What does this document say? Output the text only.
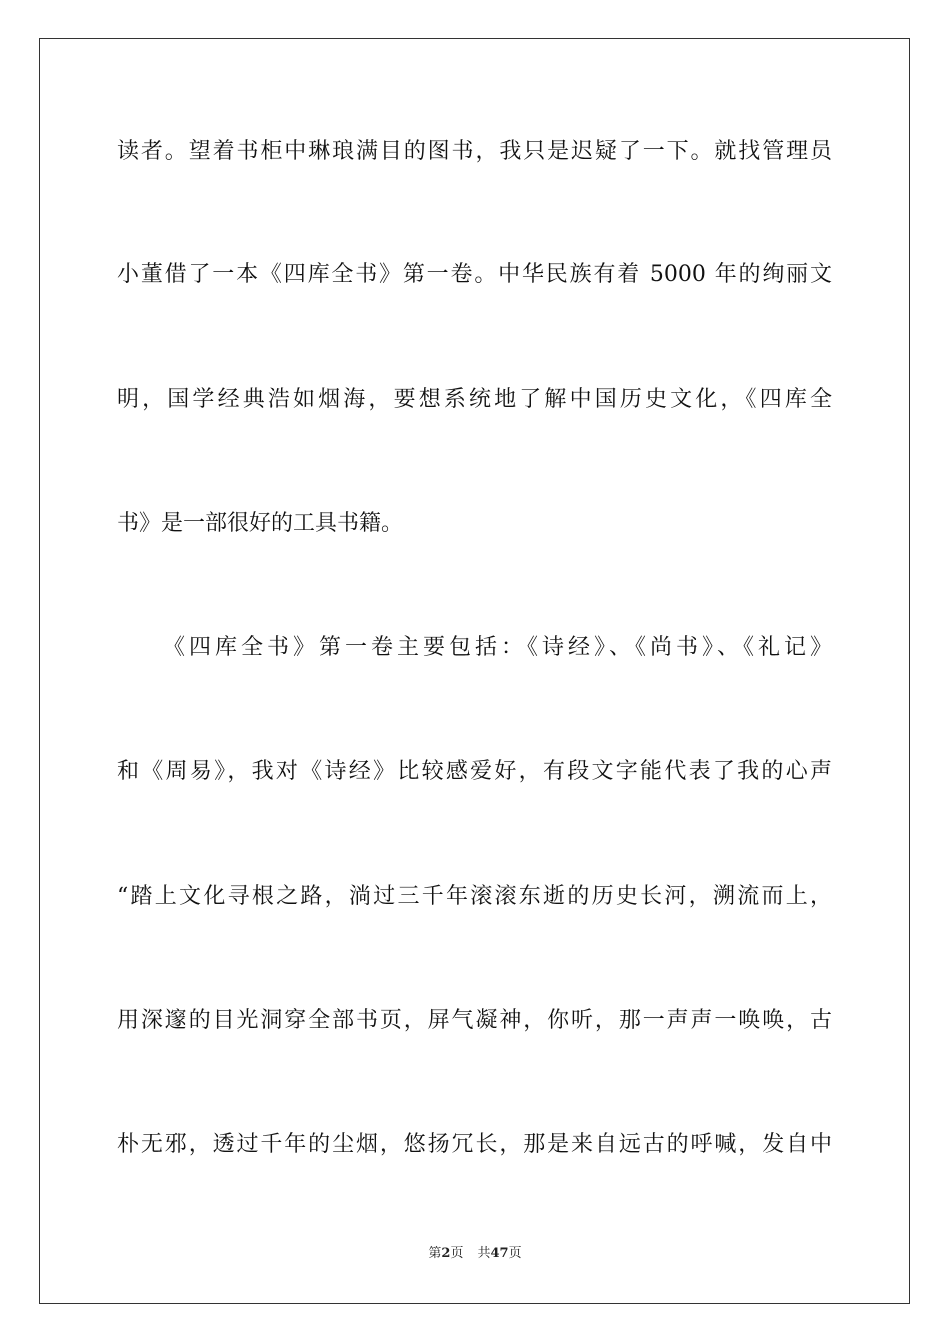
读者。望着书柜中琳琅满目的图书，我只是迟疑了一下。就找管理员
小董借了一本《四库全书》第一卷。中华民族有着 5000 年的绚丽文
明，国学经典浩如烟海，要想系统地了解中国历史文化，《四库全
书》是一部很好的工具书籍。
《四库全书》第一卷主要包括：《诗经》、《尚书》、《礼记》
和《周易》，我对《诗经》比较感爱好，有段文字能代表了我的心声
“踏上文化寻根之路，淌过三千年滚滚东逝的历史长河，溯流而上，
用深邃的目光洞穿全部书页，屏气凝神，你听，那一声声一唤唤，古
朴无邪，透过千年的尘烟，悠扬冗长，那是来自远古的呼喊，发自中
第2页 共47页
